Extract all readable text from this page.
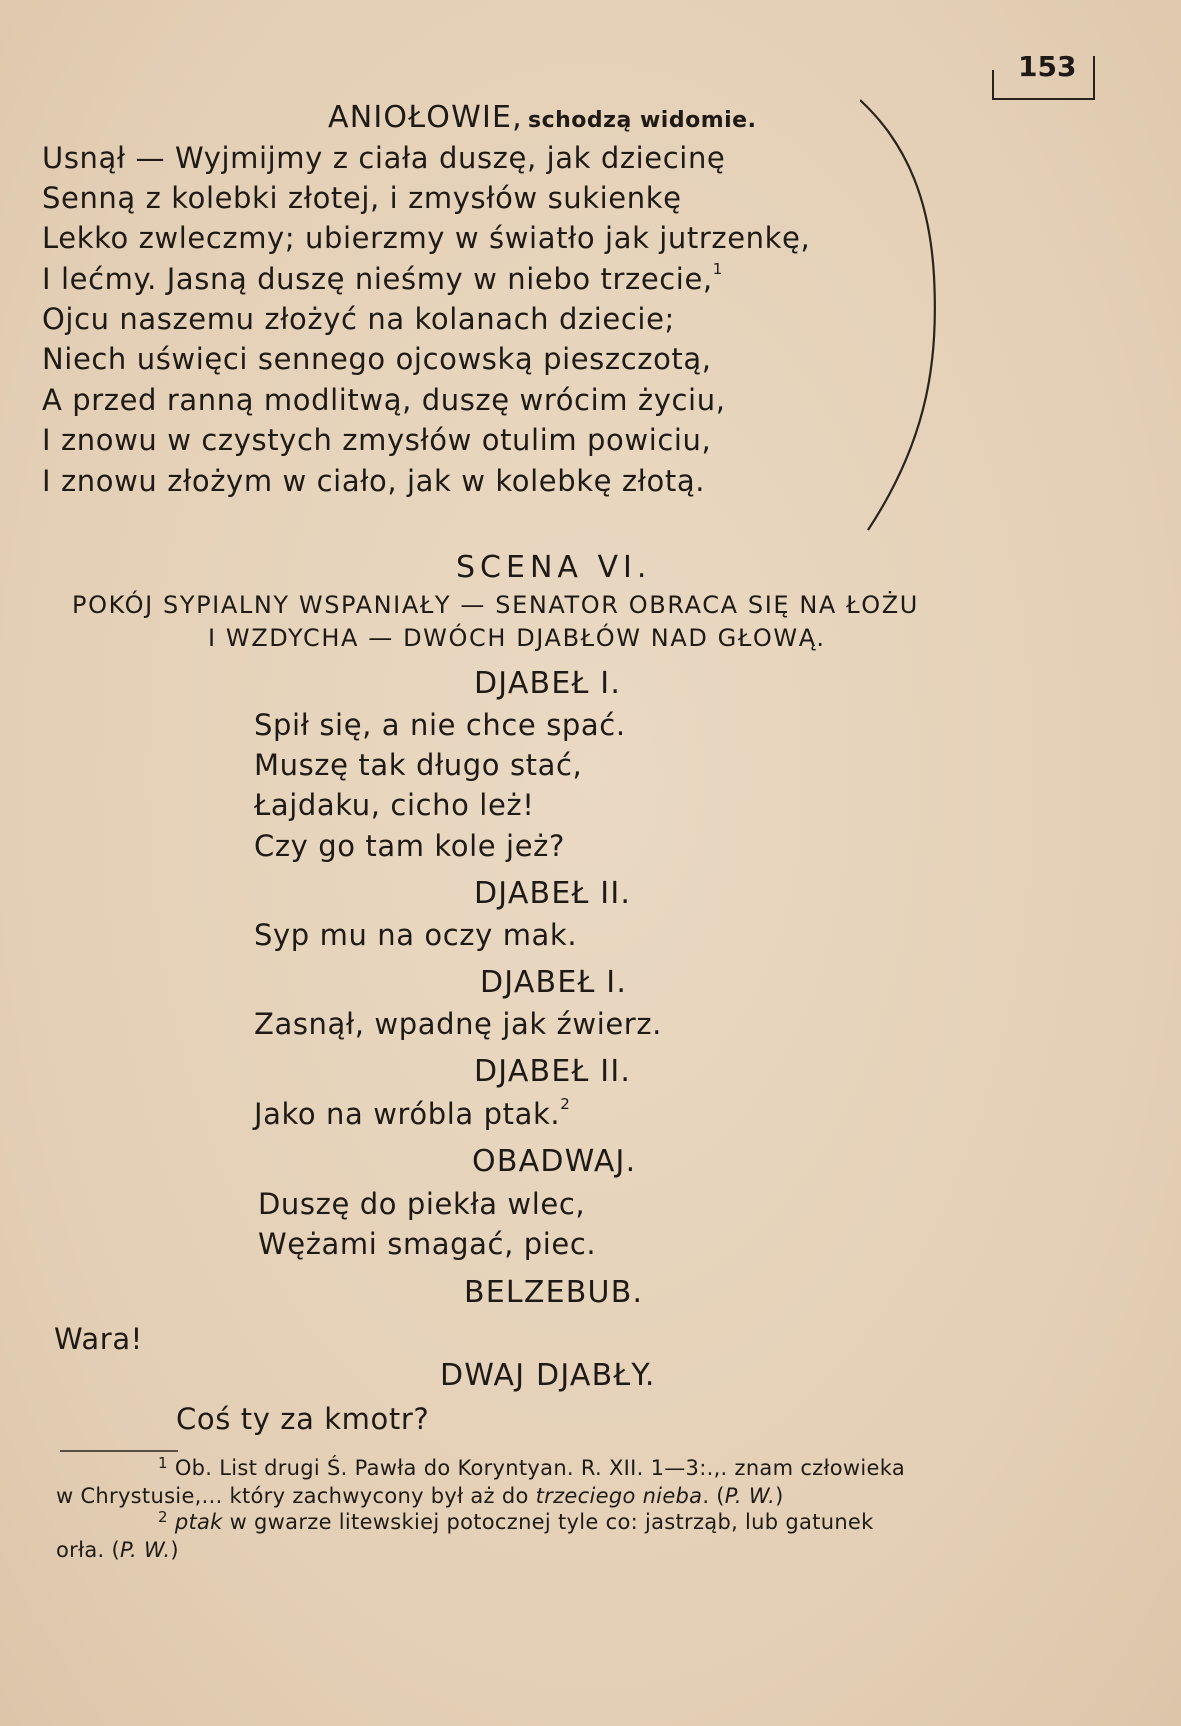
153
ANIOŁOWIE, schodzą widomie.
Usnął — Wyjmijmy z ciała duszę, jak dziecinę
Senną z kolebki złotej, i zmysłów sukienkę
Lekko zwleczmy; ubierzmy w światło jak jutrzenkę,
I lećmy. Jasną duszę nieśmy w niebo trzecie,$^1$
Ojcu naszemu złożyć na kolanach dziecie;
Niech uświęci sennego ojcowską pieszczotą,
A przed ranną modlitwą, duszę wrócim życiu,
I znowu w czystych zmysłów otulim powiciu,
I znowu złożym w ciało, jak w kolebkę złotą.
SCENA VI.
POKÓJ SYPIALNY WSPANIAŁY — SENATOR OBRACA SIĘ NA ŁOŻU
I WZDYCHA — DWÓCH DJABŁÓW NAD GŁOWĄ.
DJABEŁ I.
Spił się, a nie chce spać.
Muszę tak długo stać,
Łajdaku, cicho leż!
Czy go tam kole jeż?
DJABEŁ II.
Syp mu na oczy mak.
DJABEŁ I.
Zasnął, wpadnę jak źwierz.
DJABEŁ II.
Jako na wróbla ptak.$^2$
OBADWAJ.
Duszę do piekła wlec,
Wężami smagać, piec.
BELZEBUB.
Wara!
DWAJ DJABŁY.
Coś ty za kmotr?
$^1$ Ob. List drugi Ś. Pawła do Koryntyan. R. XII. 1—3:.,. znam człowieka
w Chrystusie,... który zachwycony był aż do trzeciego nieba. (P. W.)
$^2$ ptak w gwarze litewskiej potocznej tyle co: jastrząb, lub gatunek
orła. (P. W.)
